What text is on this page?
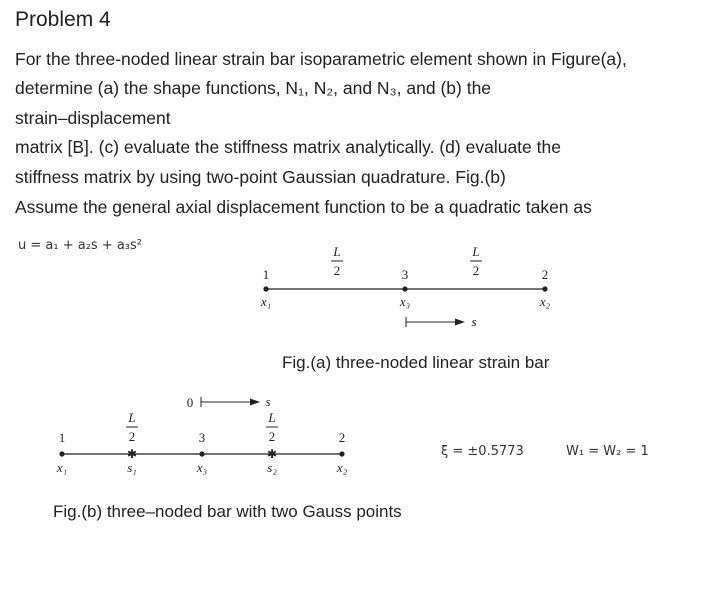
Problem 4
For the three-noded linear strain bar isoparametric element shown in Figure(a),
determine (a) the shape functions, N₁, N₂, and N₃, and (b) the
strain–displacement
matrix [B]. (c) evaluate the stiffness matrix analytically. (d) evaluate the
stiffness matrix by using two-point Gaussian quadrature. Fig.(b)
Assume the general axial displacement function to be a quadratic taken as
u = a₁ + a₂s + a₃s²
1	3	2
L
2
L
2
x₁	x₃	x₂
s
Fig.(a) three-noded linear strain bar
0	s
✱	✱
1	3	2
L
2
L
2
x₁	s₁	x₃	s₂	x₂
ξ = ±0.5773	W₁ = W₂ = 1
Fig.(b) three–noded bar with two Gauss points
